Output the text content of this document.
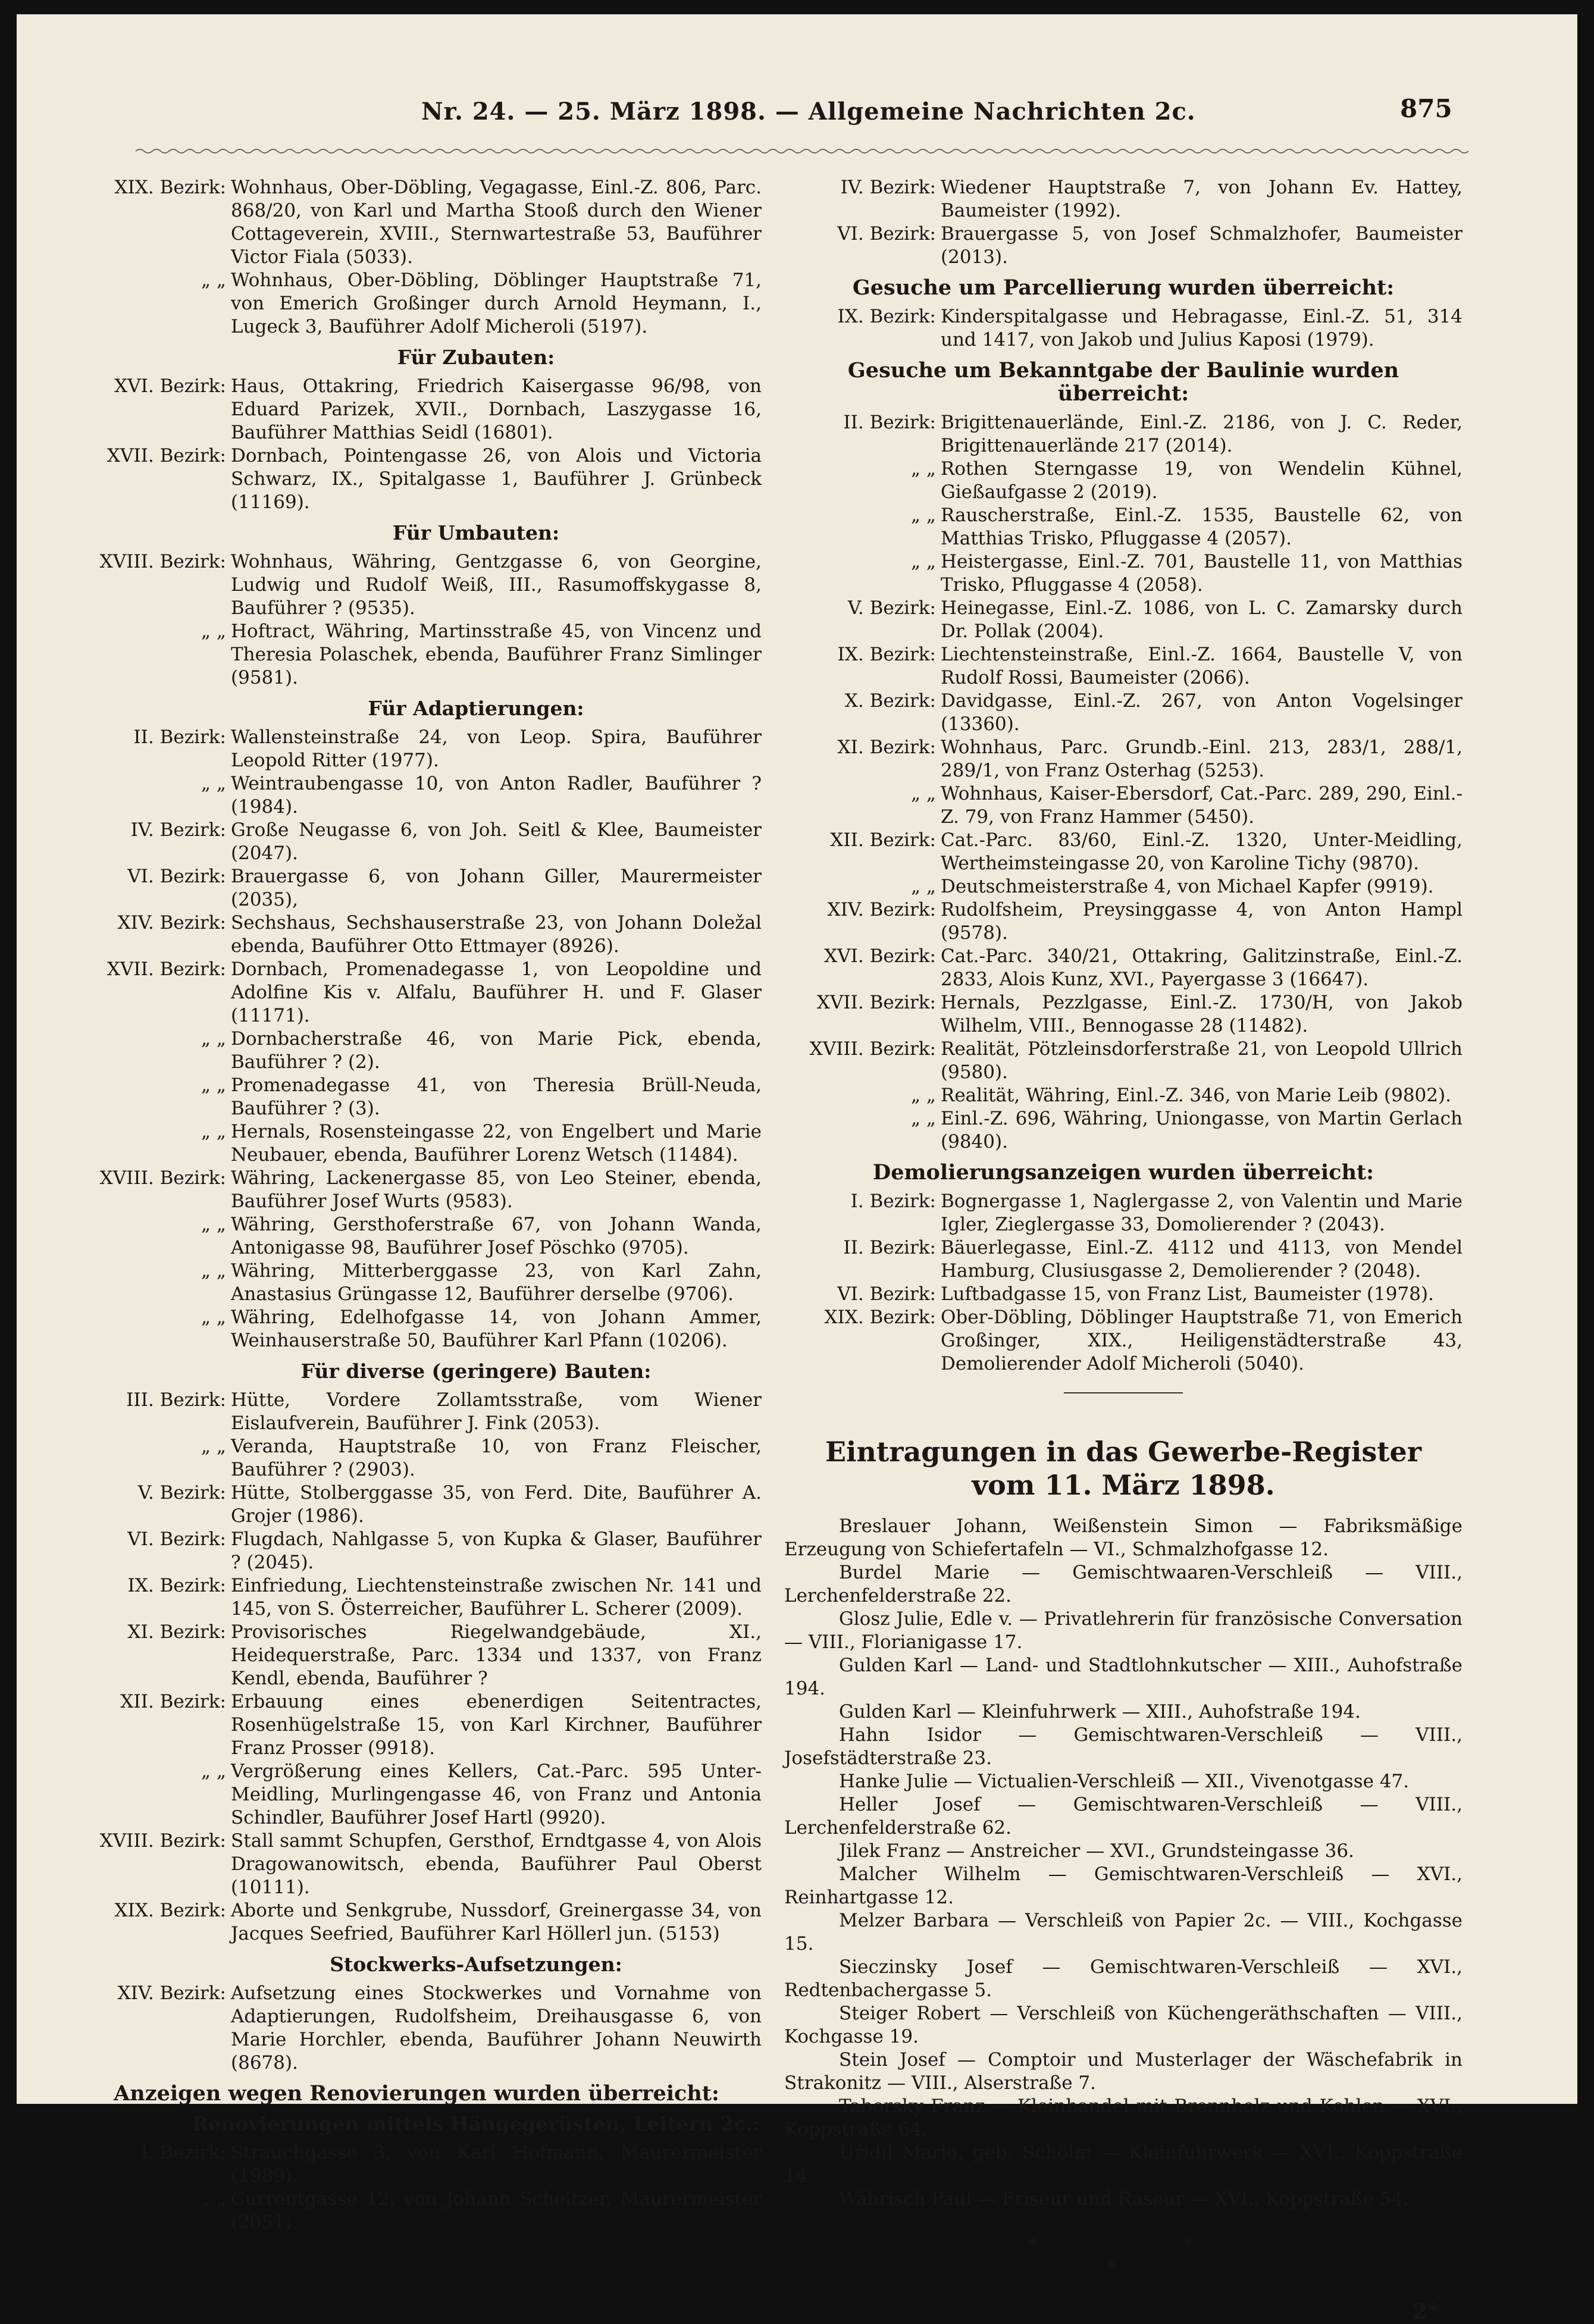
Nr. 24. — 25. März 1898. — Allgemeine Nachrichten 2c.	875
XIX. Bezirk: Wohnhaus, Ober-Döbling, Vegagasse, Einl.-Z. 806, Parc. 868/20, von Karl und Martha Stooß durch den Wiener Cottageverein, XVIII., Sternwartestraße 53, Bauführer Victor Fiala (5033).
„ „ Wohnhaus, Ober-Döbling, Döblinger Hauptstraße 71, von Emerich Großinger durch Arnold Heymann, I., Lugeck 3, Bauführer Adolf Micheroli (5197).
Für Zubauten:
XVI. Bezirk: Haus, Ottakring, Friedrich Kaisergasse 96/98, von Eduard Parizek, XVII., Dornbach, Laszygasse 16, Bauführer Matthias Seidl (16801).
XVII. Bezirk: Dornbach, Pointengasse 26, von Alois und Victoria Schwarz, IX., Spitalgasse 1, Bauführer J. Grünbeck (11169).
Für Umbauten:
XVIII. Bezirk: Wohnhaus, Währing, Gentzgasse 6, von Georgine, Ludwig und Rudolf Weiß, III., Rasumoffskygasse 8, Bauführer ? (9535).
„ „ Hoftract, Währing, Martinsstraße 45, von Vincenz und Theresia Polaschek, ebenda, Bauführer Franz Simlinger (9581).
Für Adaptierungen:
II. Bezirk: Wallensteinstraße 24, von Leop. Spira, Bauführer Leopold Ritter (1977).
„ „ Weintraubengasse 10, von Anton Radler, Bauführer ? (1984).
IV. Bezirk: Große Neugasse 6, von Joh. Seitl & Klee, Baumeister (2047).
VI. Bezirk: Brauergasse 6, von Johann Giller, Maurermeister (2035),
XIV. Bezirk: Sechshaus, Sechshauserstraße 23, von Johann Doležal ebenda, Bauführer Otto Ettmayer (8926).
XVII. Bezirk: Dornbach, Promenadegasse 1, von Leopoldine und Adolfine Kis v. Alfalu, Bauführer H. und F. Glaser (11171).
„ „ Dornbacherstraße 46, von Marie Pick, ebenda, Bauführer ? (2).
„ „ Promenadegasse 41, von Theresia Brüll-Neuda, Bauführer ? (3).
„ „ Hernals, Rosensteingasse 22, von Engelbert und Marie Neubauer, ebenda, Bauführer Lorenz Wetsch (11484).
XVIII. Bezirk: Währing, Lackenergasse 85, von Leo Steiner, ebenda, Bauführer Josef Wurts (9583).
„ „ Währing, Gersthoferstraße 67, von Johann Wanda, Antonigasse 98, Bauführer Josef Pöschko (9705).
„ „ Währing, Mitterberggasse 23, von Karl Zahn, Anastasius Grüngasse 12, Bauführer derselbe (9706).
„ „ Währing, Edelhofgasse 14, von Johann Ammer, Weinhauserstraße 50, Bauführer Karl Pfann (10206).
Für diverse (geringere) Bauten:
III. Bezirk: Hütte, Vordere Zollamtsstraße, vom Wiener Eislaufverein, Bauführer J. Fink (2053).
„ „ Veranda, Hauptstraße 10, von Franz Fleischer, Bauführer ? (2903).
V. Bezirk: Hütte, Stolberggasse 35, von Ferd. Dite, Bauführer A. Grojer (1986).
VI. Bezirk: Flugdach, Nahlgasse 5, von Kupka & Glaser, Bauführer ? (2045).
IX. Bezirk: Einfriedung, Liechtensteinstraße zwischen Nr. 141 und 145, von S. Österreicher, Bauführer L. Scherer (2009).
XI. Bezirk: Provisorisches Riegelwandgebäude, XI., Heidequerstraße, Parc. 1334 und 1337, von Franz Kendl, ebenda, Bauführer ?
XII. Bezirk: Erbauung eines ebenerdigen Seitentractes, Rosenhügelstraße 15, von Karl Kirchner, Bauführer Franz Prosser (9918).
„ „ Vergrößerung eines Kellers, Cat.-Parc. 595 Unter-Meidling, Murlingengasse 46, von Franz und Antonia Schindler, Bauführer Josef Hartl (9920).
XVIII. Bezirk: Stall sammt Schupfen, Gersthof, Erndtgasse 4, von Alois Dragowanowitsch, ebenda, Bauführer Paul Oberst (10111).
XIX. Bezirk: Aborte und Senkgrube, Nussdorf, Greinergasse 34, von Jacques Seefried, Bauführer Karl Höllerl jun. (5153)
Stockwerks-Aufsetzungen:
XIV. Bezirk: Aufsetzung eines Stockwerkes und Vornahme von Adaptierungen, Rudolfsheim, Dreihausgasse 6, von Marie Horchler, ebenda, Bauführer Johann Neuwirth (8678).
Anzeigen wegen Renovierungen wurden überreicht:
Renovierungen mittels Hängegerüsten, Leitern 2c.:
I. Bezirk: Strauchgasse 3, von Karl Hofmann, Maurermeister (1989).
„ „ Currentgasse 12, von Johann Scheitzer, Maurermeister (2051).
IV. Bezirk: Wiedener Hauptstraße 7, von Johann Ev. Hattey, Baumeister (1992).
VI. Bezirk: Brauergasse 5, von Josef Schmalzhofer, Baumeister (2013).
Gesuche um Parcellierung wurden überreicht:
IX. Bezirk: Kinderspitalgasse und Hebragasse, Einl.-Z. 51, 314 und 1417, von Jakob und Julius Kaposi (1979).
Gesuche um Bekanntgabe der Baulinie wurden überreicht:
II. Bezirk: Brigittenauerlände, Einl.-Z. 2186, von J. C. Reder, Brigittenauerlände 217 (2014).
„ „ Rothen Sterngasse 19, von Wendelin Kühnel, Gießaufgasse 2 (2019).
„ „ Rauscherstraße, Einl.-Z. 1535, Baustelle 62, von Matthias Trisko, Pfluggasse 4 (2057).
„ „ Heistergasse, Einl.-Z. 701, Baustelle 11, von Matthias Trisko, Pfluggasse 4 (2058).
V. Bezirk: Heinegasse, Einl.-Z. 1086, von L. C. Zamarsky durch Dr. Pollak (2004).
IX. Bezirk: Liechtensteinstraße, Einl.-Z. 1664, Baustelle V, von Rudolf Rossi, Baumeister (2066).
X. Bezirk: Davidgasse, Einl.-Z. 267, von Anton Vogelsinger (13360).
XI. Bezirk: Wohnhaus, Parc. Grundb.-Einl. 213, 283/1, 288/1, 289/1, von Franz Osterhag (5253).
„ „ Wohnhaus, Kaiser-Ebersdorf, Cat.-Parc. 289, 290, Einl.-Z. 79, von Franz Hammer (5450).
XII. Bezirk: Cat.-Parc. 83/60, Einl.-Z. 1320, Unter-Meidling, Wertheimsteingasse 20, von Karoline Tichy (9870).
„ „ Deutschmeisterstraße 4, von Michael Kapfer (9919).
XIV. Bezirk: Rudolfsheim, Preysinggasse 4, von Anton Hampl (9578).
XVI. Bezirk: Cat.-Parc. 340/21, Ottakring, Galitzinstraße, Einl.-Z. 2833, Alois Kunz, XVI., Payergasse 3 (16647).
XVII. Bezirk: Hernals, Pezzlgasse, Einl.-Z. 1730/H, von Jakob Wilhelm, VIII., Bennogasse 28 (11482).
XVIII. Bezirk: Realität, Pötzleinsdorferstraße 21, von Leopold Ullrich (9580).
„ „ Realität, Währing, Einl.-Z. 346, von Marie Leib (9802).
„ „ Einl.-Z. 696, Währing, Uniongasse, von Martin Gerlach (9840).
Demolierungsanzeigen wurden überreicht:
I. Bezirk: Bognergasse 1, Naglergasse 2, von Valentin und Marie Igler, Zieglergasse 33, Domolierender ? (2043).
II. Bezirk: Bäuerlegasse, Einl.-Z. 4112 und 4113, von Mendel Hamburg, Clusiusgasse 2, Demolierender ? (2048).
VI. Bezirk: Luftbadgasse 15, von Franz List, Baumeister (1978).
XIX. Bezirk: Ober-Döbling, Döblinger Hauptstraße 71, von Emerich Großinger, XIX., Heiligenstädterstraße 43, Demolierender Adolf Micheroli (5040).
Eintragungen in das Gewerbe-Register
vom 11. März 1898.
Breslauer Johann, Weißenstein Simon — Fabriksmäßige Erzeugung von Schiefertafeln — VI., Schmalzhofgasse 12.
Burdel Marie — Gemischtwaaren-Verschleiß — VIII., Lerchenfelderstraße 22.
Glosz Julie, Edle v. — Privatlehrerin für französische Conversation — VIII., Florianigasse 17.
Gulden Karl — Land- und Stadtlohnkutscher — XIII., Auhofstraße 194.
Gulden Karl — Kleinfuhrwerk — XIII., Auhofstraße 194.
Hahn Isidor — Gemischtwaren-Verschleiß — VIII., Josefstädterstraße 23.
Hanke Julie — Victualien-Verschleiß — XII., Vivenotgasse 47.
Heller Josef — Gemischtwaren-Verschleiß — VIII., Lerchenfelderstraße 62.
Jilek Franz — Anstreicher — XVI., Grundsteingasse 36.
Malcher Wilhelm — Gemischtwaren-Verschleiß — XVI., Reinhartgasse 12.
Melzer Barbara — Verschleiß von Papier 2c. — VIII., Kochgasse 15.
Sieczinsky Josef — Gemischtwaren-Verschleiß — XVI., Redtenbachergasse 5.
Steiger Robert — Verschleiß von Küchengeräthschaften — VIII., Kochgasse 19.
Stein Josef — Comptoir und Musterlager der Wäschefabrik in Strakonitz — VIII., Alserstraße 7.
Taborsky Franz — Kleinhandel mit Brennholz und Kohlen — XVI., Koppstraße 64.
Uřidil Marie, geb. Schölm — Kleinfuhrwerk — XVI., Koppstraße 14.
Währisch Paul — Friseur und Raseur — XVI., Koppstraße 54.
*	*
*
2*
